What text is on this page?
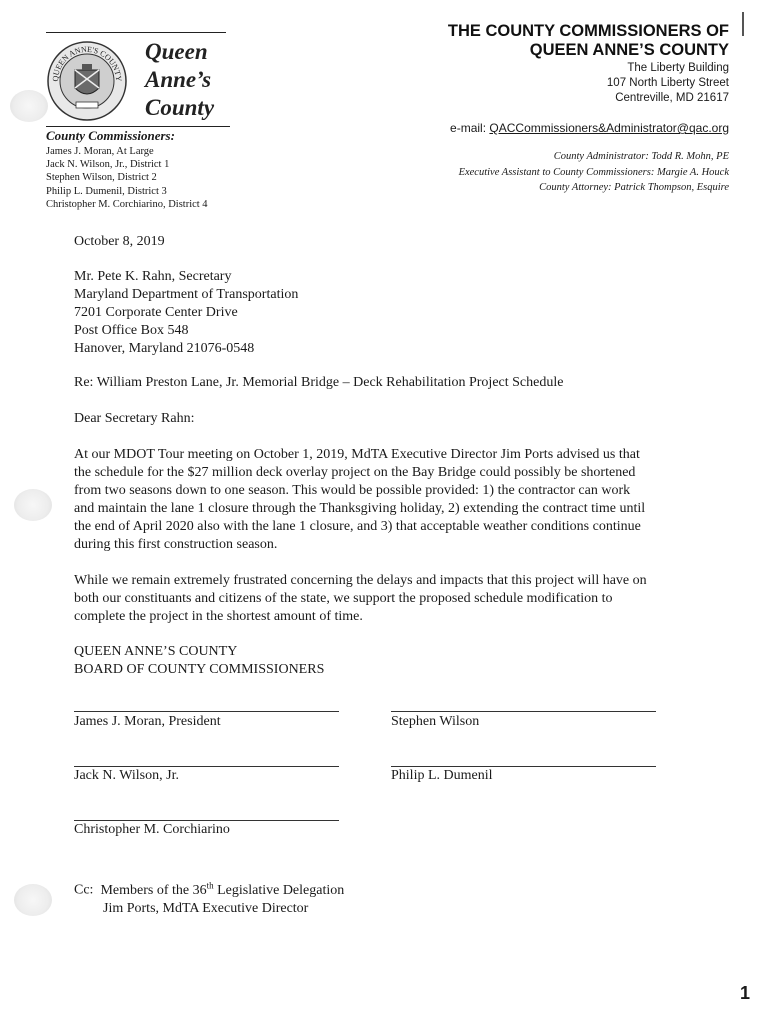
QUEEN ANNE'S COUNTY
Queen
Anne’s
County
County Commissioners:
James J. Moran, At Large
Jack N. Wilson, Jr., District 1
Stephen Wilson, District 2
Philip L. Dumenil, District 3
Christopher M. Corchiarino, District 4
THE COUNTY COMMISSIONERS OF
QUEEN ANNE’S COUNTY
The Liberty Building
107 North Liberty Street
Centreville, MD 21617
e-mail: QACCommissioners&Administrator@qac.org
County Administrator: Todd R. Mohn, PE
Executive Assistant to County Commissioners: Margie A. Houck
County Attorney: Patrick Thompson, Esquire
October 8, 2019
Mr. Pete K. Rahn, Secretary
Maryland Department of Transportation
7201 Corporate Center Drive
Post Office Box 548
Hanover, Maryland 21076-0548
Re: William Preston Lane, Jr. Memorial Bridge – Deck Rehabilitation Project Schedule
Dear Secretary Rahn:

At our MDOT Tour meeting on October 1, 2019, MdTA Executive Director Jim Ports advised us that
the schedule for the $27 million deck overlay project on the Bay Bridge could possibly be shortened
from two seasons down to one season. This would be possible provided: 1) the contractor can work
and maintain the lane 1 closure through the Thanksgiving holiday, 2) extending the contract time until
the end of April 2020 also with the lane 1 closure, and 3) that acceptable weather conditions continue
during this first construction season.

While we remain extremely frustrated concerning the delays and impacts that this project will have on
both our constituants and citizens of the state, we support the proposed schedule modification to
complete the project in the shortest amount of time.

QUEEN ANNE’S COUNTY
BOARD OF COUNTY COMMISSIONERS
James J. Moran, President	Stephen Wilson
Jack N. Wilson, Jr.	Philip L. Dumenil
Christopher M. Corchiarino
Cc: Members of the 36th Legislative Delegation
Jim Ports, MdTA Executive Director
1
